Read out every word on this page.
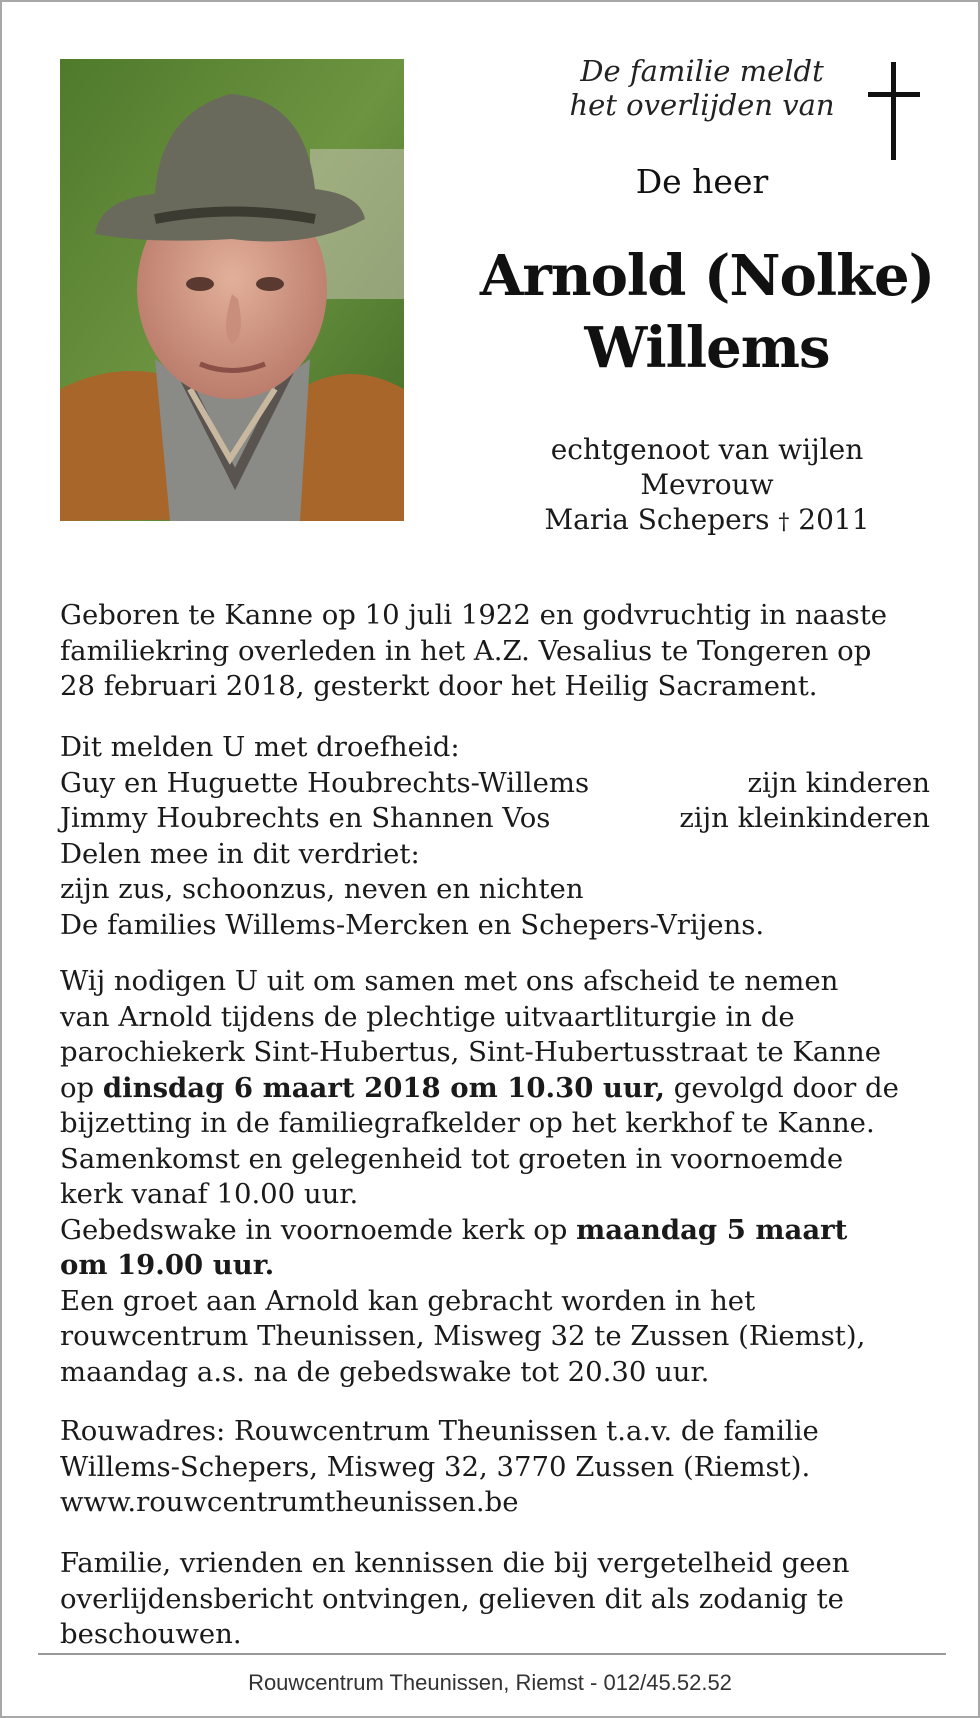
De familie meldt
het overlijden van
De heer
Arnold (Nolke)
Willems
echtgenoot van wijlen
Mevrouw
Maria Schepers † 2011

Geboren te Kanne op 10 juli 1922 en godvruchtig in naaste

familiekring overleden in het A.Z. Vesalius te Tongeren op

28 februari 2018, gesterkt door het Heilig Sacrament.

Dit melden U met droefheid:

Guy en Huguette Houbrechts-Willems	zijn kinderen
Jimmy Houbrechts en Shannen Vos	zijn kleinkinderen

Delen mee in dit verdriet:

zijn zus, schoonzus, neven en nichten

De families Willems-Mercken en Schepers-Vrijens.

Wij nodigen U uit om samen met ons afscheid te nemen

van Arnold tijdens de plechtige uitvaartliturgie in de

parochiekerk Sint-Hubertus, Sint-Hubertusstraat te Kanne

op dinsdag 6 maart 2018 om 10.30 uur, gevolgd door de

bijzetting in de familiegrafkelder op het kerkhof te Kanne.

Samenkomst en gelegenheid tot groeten in voornoemde

kerk vanaf 10.00 uur.

Gebedswake in voornoemde kerk op maandag 5 maart

om 19.00 uur.

Een groet aan Arnold kan gebracht worden in het

rouwcentrum Theunissen, Misweg 32 te Zussen (Riemst),

maandag a.s. na de gebedswake tot 20.30 uur.

Rouwadres: Rouwcentrum Theunissen t.a.v. de familie

Willems-Schepers, Misweg 32, 3770 Zussen (Riemst).

www.rouwcentrumtheunissen.be

Familie, vrienden en kennissen die bij vergetelheid geen

overlijdensbericht ontvingen, gelieven dit als zodanig te

beschouwen.

Rouwcentrum Theunissen, Riemst - 012/45.52.52
